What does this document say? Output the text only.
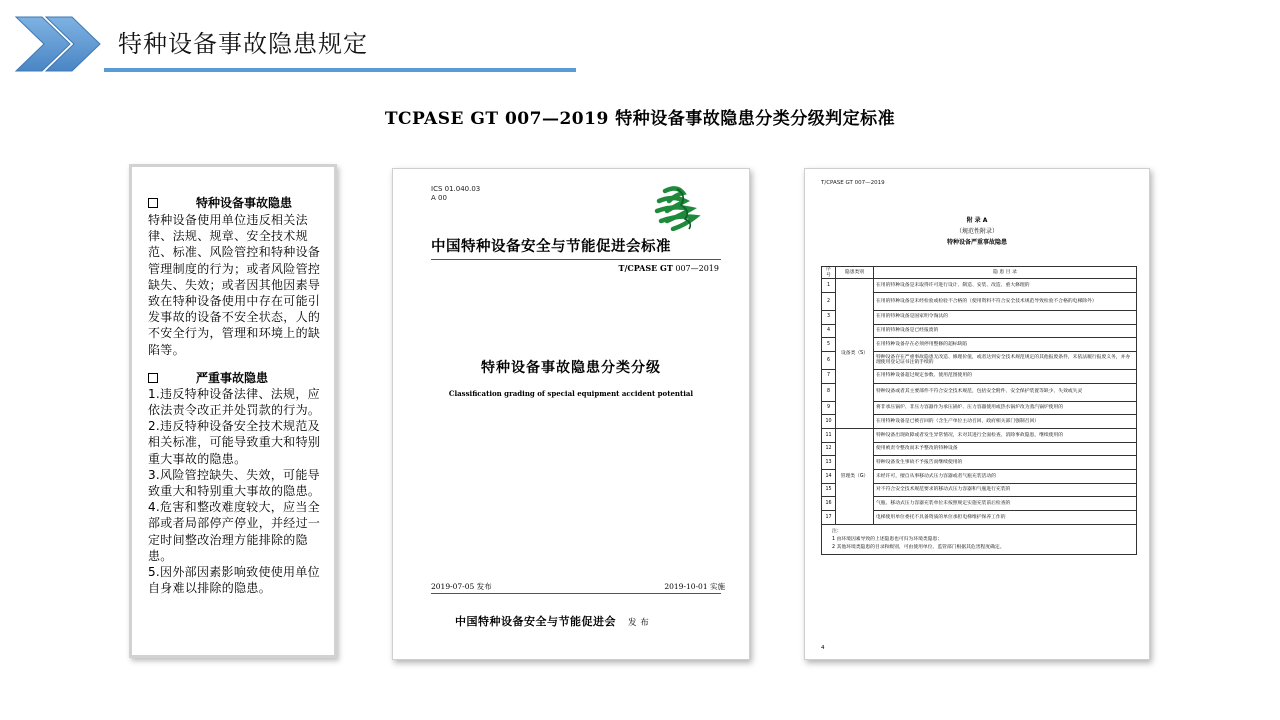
特种设备事故隐患规定
TCPASE GT 007—2019 特种设备事故隐患分类分级判定标准
特种设备事故隐患
特种设备使用单位违反相关法律、法规、规章、安全技术规范、标准、风险管控和特种设备管理制度的行为；或者风险管控缺失、失效；或者因其他因素导致在特种设备使用中存在可能引发事故的设备不安全状态，人的不安全行为，管理和环境上的缺陷等。
严重事故隐患
1.违反特种设备法律、法规，应依法责令改正并处罚款的行为。
2.违反特种设备安全技术规范及相关标准，可能导致重大和特别重大事故的隐患。
3.风险管控缺失、失效，可能导致重大和特别重大事故的隐患。
4.危害和整改难度较大，应当全部或者局部停产停业，并经过一定时间整改治理方能排除的隐患。
5.因外部因素影响致使使用单位自身难以排除的隐患。
ICS 01.040.03
A 00
中国特种设备安全与节能促进会标准
T/CPASE GT 007—2019
特种设备事故隐患分类分级
Classification grading of special equipment accident potential
2019-07-05 发布	2019-10-01 实施
中国特种设备安全与节能促进会 发 布
T/CPASE GT 007—2019
附 录 A
（规范性附录）
特种设备严重事故隐患
序号	隐患类别	隐 患 目 录
1	设备类（S）	在用的特种设备是未取得许可进行设计、制造、安装、改造、重大修理的
2		在用的特种设备是未经检验或检验不合格的（使用资料不符合安全技术规范导致检验不合格的电梯除外）
3		在用的特种设备是国家明令淘汰的
4		在用的特种设备是已经报废的
5		在用特种设备存在必须停用整修的超标缺陷
6		特种设备存在严重事故隐患无改造、修理价值，或者达到安全技术规范规定的其他报废条件，未依法履行报废义务，并办理使用登记证书注销手续的
7		在用特种设备超过规定参数、使用范围使用的
8		特种设备或者其主要部件不符合安全技术规范，包括安全附件、安全保护装置等缺少、失效或失灵
9		将非承压锅炉、非压力容器作为承压锅炉、压力容器使用或热水锅炉改为蒸汽锅炉使用的
10		在用特种设备是已被召回的（含生产单位主动召回、政府相关部门强制召回）
11	管理类（G）	特种设备出现故障或者发生异常情况，未对其进行全面检查、消除事故隐患，继续使用的
12		使用被责令整改而未予整改的特种设备
13		特种设备发生事故不予报告而继续使用的
14		未经许可，擅自从事移动式压力容器或者气瓶充装活动的
15		对不符合安全技术规范要求的移动式压力容器和气瓶进行充装的
16		气瓶、移动式压力容器充装单位未按照规定实施充装前后检查的
17		电梯使用单位委托不具备资质的单位承担电梯维护保养工作的

注：
1 由环境因素导致的上述隐患也可归为环境类隐患；
2 其他环境类隐患的目录和级别，可由使用单位、监管部门根据其危害程度确定。		
4
